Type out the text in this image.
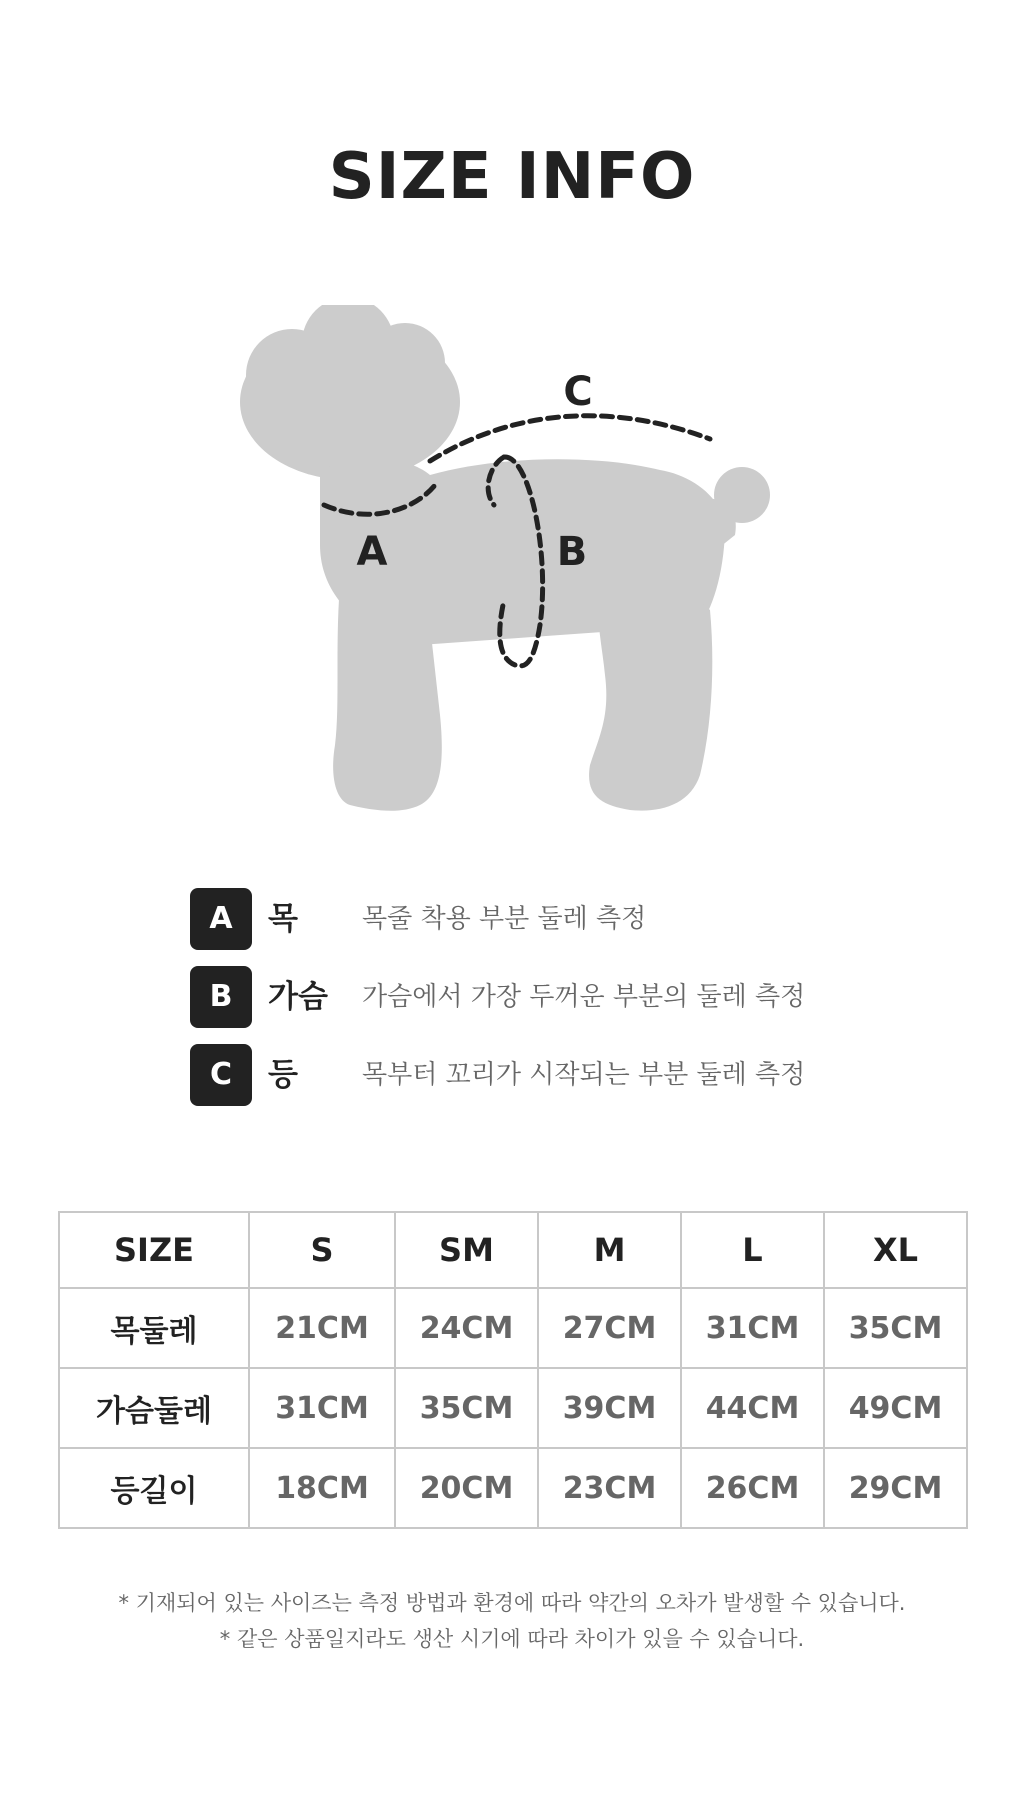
SIZE INFO
A	B
C
A	목 목줄 착용 부분 둘레 측정
B	가슴 가슴에서 가장 두꺼운 부분의 둘레 측정
C	등 목부터 꼬리가 시작되는 부분 둘레 측정
SIZE	S	SM	M	L	XL
목둘레	21CM	24CM	27CM	31CM	35CM
가슴둘레	31CM	35CM	39CM	44CM	49CM
등길이	18CM	20CM	23CM	26CM	29CM
* 기재되어 있는 사이즈는 측정 방법과 환경에 따라 약간의 오차가 발생할 수 있습니다.
* 같은 상품일지라도 생산 시기에 따라 차이가 있을 수 있습니다.
